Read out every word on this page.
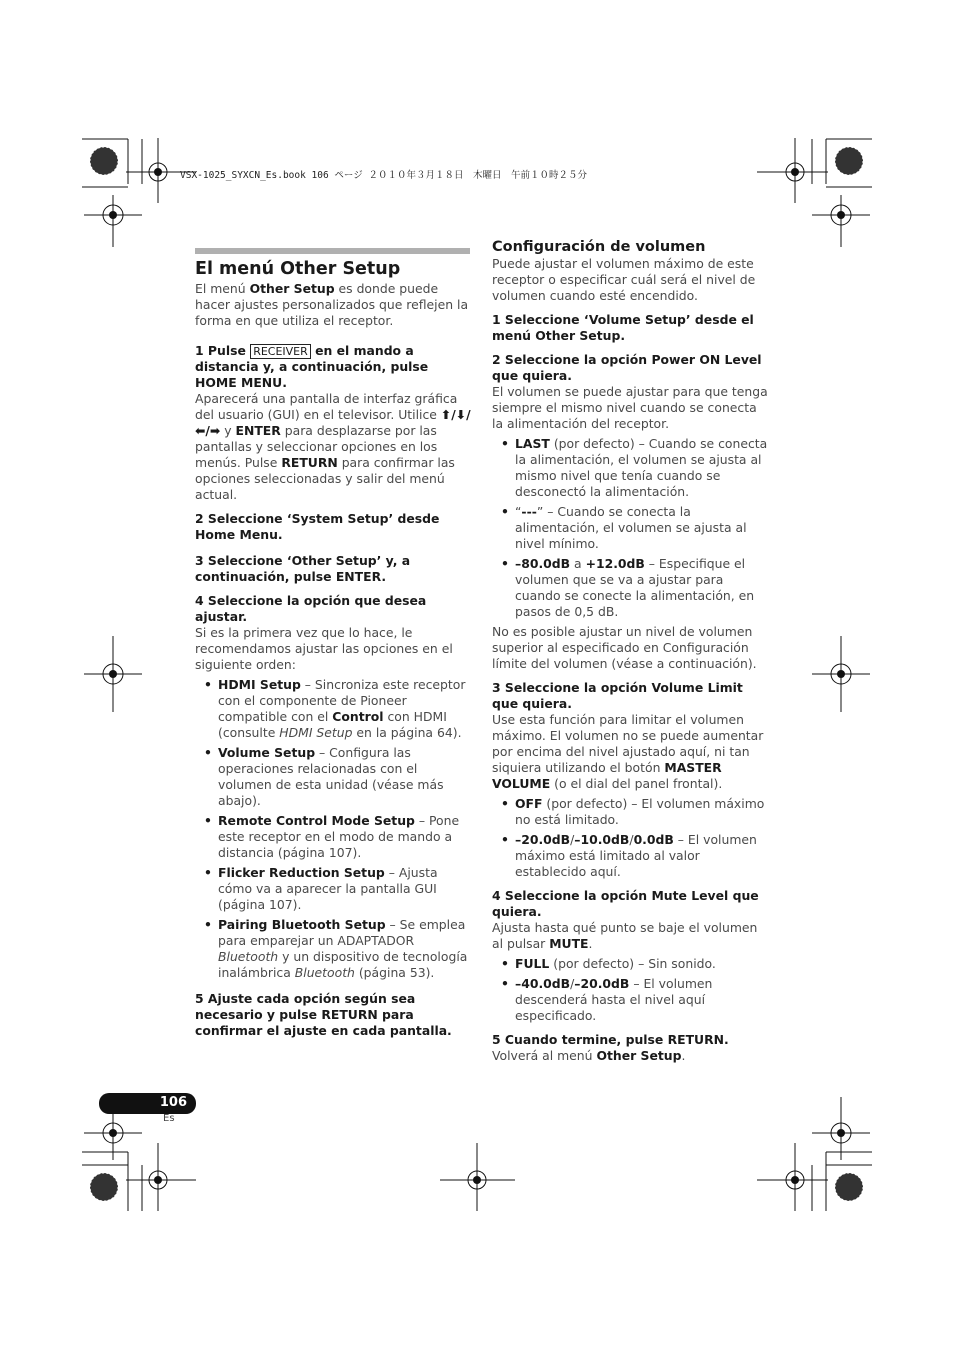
VSX-1025_SYXCN_Es.book 106 ページ ２０１０年３月１８日　木曜日　午前１０時２５分

El menú Other Setup

El menú Other Setup es donde puede hacer ajustes personalizados que reflejen la forma en que utiliza el receptor.

1 Pulse RECEIVER en el mando a distancia y, a continuación, pulse HOME MENU.

Aparecerá una pantalla de interfaz gráfica del usuario (GUI) en el televisor. Utilice ⬆/⬇/⬅/➡ y ENTER para desplazarse por las pantallas y seleccionar opciones en los menús. Pulse RETURN para confirmar las opciones seleccionadas y salir del menú actual.

2 Seleccione ‘System Setup’ desde Home Menu.

3 Seleccione ‘Other Setup’ y, a continuación, pulse ENTER.

4 Seleccione la opción que desea ajustar.

Si es la primera vez que lo hace, le recomendamos ajustar las opciones en el siguiente orden:

• HDMI Setup – Sincroniza este receptor con el componente de Pioneer compatible con el Control con HDMI (consulte HDMI Setup en la página 64).

• Volume Setup – Configura las operaciones relacionadas con el volumen de esta unidad (véase más abajo).

• Remote Control Mode Setup – Pone este receptor en el modo de mando a distancia (página 107).

• Flicker Reduction Setup – Ajusta cómo va a aparecer la pantalla GUI (página 107).

• Pairing Bluetooth Setup – Se emplea para emparejar un ADAPTADOR Bluetooth y un dispositivo de tecnología inalámbrica Bluetooth (página 53).

5 Ajuste cada opción según sea necesario y pulse RETURN para confirmar el ajuste en cada pantalla.

Configuración de volumen

Puede ajustar el volumen máximo de este receptor o especificar cuál será el nivel de volumen cuando esté encendido.

1 Seleccione ‘Volume Setup’ desde el menú Other Setup.

2 Seleccione la opción Power ON Level que quiera.

El volumen se puede ajustar para que tenga siempre el mismo nivel cuando se conecta la alimentación del receptor.

• LAST (por defecto) – Cuando se conecta la alimentación, el volumen se ajusta al mismo nivel que tenía cuando se desconectó la alimentación.

• “---” – Cuando se conecta la alimentación, el volumen se ajusta al nivel mínimo.

• –80.0dB a +12.0dB – Especifique el volumen que se va a ajustar para cuando se conecte la alimentación, en pasos de 0,5 dB.

No es posible ajustar un nivel de volumen superior al especificado en Configuración límite del volumen (véase a continuación).

3 Seleccione la opción Volume Limit que quiera.

Use esta función para limitar el volumen máximo. El volumen no se puede aumentar por encima del nivel ajustado aquí, ni tan siquiera utilizando el botón MASTER VOLUME (o el dial del panel frontal).

• OFF (por defecto) – El volumen máximo no está limitado.

• –20.0dB/–10.0dB/0.0dB – El volumen máximo está limitado al valor establecido aquí.

4 Seleccione la opción Mute Level que quiera.

Ajusta hasta qué punto se baje el volumen al pulsar MUTE.

• FULL (por defecto) – Sin sonido.

• –40.0dB/–20.0dB – El volumen descenderá hasta el nivel aquí especificado.

5 Cuando termine, pulse RETURN.

Volverá al menú Other Setup.

106
Es
